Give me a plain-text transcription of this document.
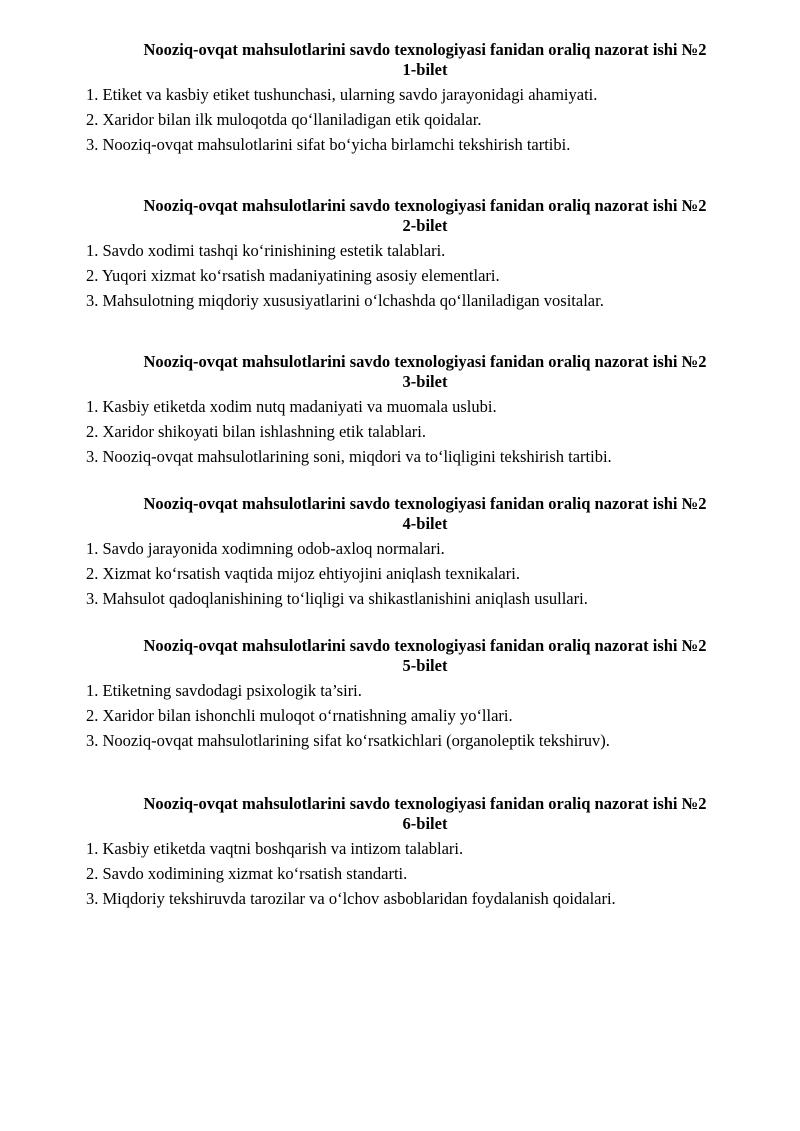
Nooziq-ovqat mahsulotlarini savdo texnologiyasi fanidan oraliq nazorat ishi №2
1-bilet
1. Etiket va kasbiy etiket tushunchasi, ularning savdo jarayonidagi ahamiyati.
2. Xaridor bilan ilk muloqotda qo‘llaniladigan etik qoidalar.
3. Nooziq-ovqat mahsulotlarini sifat bo‘yicha birlamchi tekshirish tartibi.
Nooziq-ovqat mahsulotlarini savdo texnologiyasi fanidan oraliq nazorat ishi №2
2-bilet
1. Savdo xodimi tashqi ko‘rinishining estetik talablari.
2. Yuqori xizmat ko‘rsatish madaniyatining asosiy elementlari.
3. Mahsulotning miqdoriy xususiyatlarini o‘lchashda qo‘llaniladigan vositalar.
Nooziq-ovqat mahsulotlarini savdo texnologiyasi fanidan oraliq nazorat ishi №2
3-bilet
1. Kasbiy etiketda xodim nutq madaniyati va muomala uslubi.
2. Xaridor shikoyati bilan ishlashning etik talablari.
3. Nooziq-ovqat mahsulotlarining soni, miqdori va to‘liqligini tekshirish tartibi.
Nooziq-ovqat mahsulotlarini savdo texnologiyasi fanidan oraliq nazorat ishi №2
4-bilet
1. Savdo jarayonida xodimning odob-axloq normalari.
2. Xizmat ko‘rsatish vaqtida mijoz ehtiyojini aniqlash texnikalari.
3. Mahsulot qadoqlanishining to‘liqligi va shikastlanishini aniqlash usullari.
Nooziq-ovqat mahsulotlarini savdo texnologiyasi fanidan oraliq nazorat ishi №2
5-bilet
1. Etiketning savdodagi psixologik ta’siri.
2. Xaridor bilan ishonchli muloqot o‘rnatishning amaliy yo‘llari.
3. Nooziq-ovqat mahsulotlarining sifat ko‘rsatkichlari (organoleptik tekshiruv).
Nooziq-ovqat mahsulotlarini savdo texnologiyasi fanidan oraliq nazorat ishi №2
6-bilet
1. Kasbiy etiketda vaqtni boshqarish va intizom talablari.
2. Savdo xodimining xizmat ko‘rsatish standarti.
3. Miqdoriy tekshiruvda tarozilar va o‘lchov asboblaridan foydalanish qoidalari.
